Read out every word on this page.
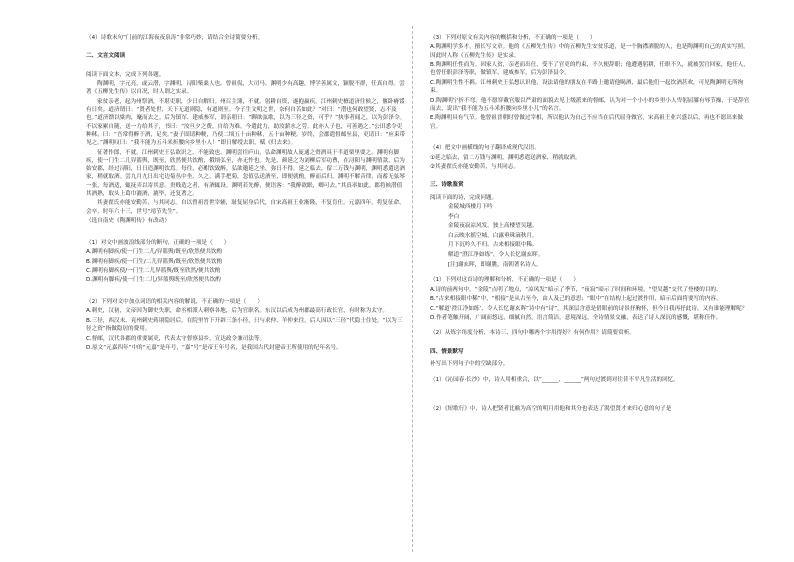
（4）诗歌末句“门前的江海夜夜泉涛”非常巧妙，请结合全诗简要分析。

二、文言文阅读

阅读下面文本，完成下列各题。

陶渊明，字元亮，或云潜，字渊明，浔阳柴桑人也。曾祖侃，大司马。渊明少有高趣，博学善属文，颖脱不群，任真自得。尝著《五柳先生传》以自况，时人谓之实录。

家贫亲老，起为州祭酒，不堪吏职，少日自解归。州召主簿，不就。躬耕自资，遂抱羸疾。江州刺史檀道济往候之，偃卧瘠馁有日矣。道济谓曰：“贤者处世，天下无道则隐，有道则至。今子生文明之世，奈何自苦如此？”对曰：“潜也何敢望贤，志不及也。”道济馈以粱肉，麾而去之。后为镇军、建威参军，谓亲朋曰：“聊欲弦歌，以为三径之资，可乎？”执事者闻之，以为彭泽令。不以家累自随，送一力给其子，书曰：“汝旦夕之费，自给为难。今遣此力，助汝薪水之劳。此亦人子也，可善遇之。”公田悉令吏种秫，曰：“吾常得醉于酒，足矣。”妻子固请种粳，乃使二顷五十亩种秫，五十亩种粳。岁终，会郡遣督邮至县，吏请曰：“应束带见之。”渊明叹曰：“我不能为五斗米折腰向乡里小人！”即日解绶去职，赋《归去来》。

征著作郎，不就。江州刺史王弘欲识之，不能致也。渊明尝往庐山，弘命渊明故人庞通之赍酒具于半道栗里要之。渊明有脚疾，使一门生二儿舁篮舆，既至，欣然便共饮酌，俄顷弘至，亦无忤也。先是，颜延之为刘柳后军功曹，在浔阳与渊明情款，后为始安郡，经过浔阳，日日造渊明饮焉。每往，必酣饮致醉。弘欲邀延之坐，弥日不得。延之临去，留二万钱与渊明，渊明悉遣送酒家，稍就取酒。尝九月九日出宅边菊丛中坐，久之，满手把菊，忽值弘送酒至，即便就酌，醉而后归。渊明不解音律，而蓄无弦琴一张，每酒适，辄抚弄以寄其意。贵贱造之者，有酒辄设。渊明若先醉，便语客：“我醉欲眠，卿可去。”其真率如此。郡将候潜值其酒熟，取头上葛巾漉酒，漉毕，还复著之。

其妻翟氏亦能安勤苦，与其同志。自以曾祖晋世宰辅，耻复屈身后代，自宋高祖王业渐隆，不复肯仕。元嘉四年，将复征命，会卒，时年六十三，世号“靖节先生”。

（选自南史《陶渊明传》有改动）

（1）对文中画波浪线部分的断句，正确的一项是（　　）

A.渊明有脚疾/使一门生二儿/舁篮舆/既至/欣然便共饮酌

B.渊明有脚疾/使一门生/二儿舁篮舆/既至/欣然便共饮酌

C.渊明有脚疾使/一门生二儿舁篮舆/既至欣然/便共饮酌

D.渊明有脚疾/使一门生二儿/舁篮舆既至/欣然便共饮酌

（2）下列对文中加点词语的相关内容的解说，不正确的一项是（　　）

A.刺史，汉初，文帝因为御史失职，命丞相派人刺察各地，后为官职名。东汉以后成为州郡最高行政长官，有时称为太守。

B.三径，西汉末，兖州刺史蒋诩隐居后，在院里竹下开辟三条小径，只与求仲、羊仲来往，后人因以“三径”代隐士住处。“以为三径之资”指做隐居的费用。

C.督邮，汉代各郡的重要属吏，代表太守督察县乡，宣达政令兼司法等。

D.原文“元嘉四年”中的“元嘉”是年号，“嘉”号“是帝王年号名，是我国古代封建帝王所使用的纪年名号。

（3）下列对原文有关内容的概括和分析，不正确的一项是（　　）

A.陶渊明学多才，擅长写文章。他的《五柳先生传》中的五柳先生安贫乐道，是一个胸襟洒脱的人，也是陶渊明自己的真实写照，因此时人称《五柳先生传》是实录。

B.陶渊明任性而为。因家人贫，亲老而出仕，受不了官吏的约束，不久便辞职；他遭遇躬耕，任职不久，就被罢官回家，他任人，也曾任职彭泽等职，做镇军、建威参军，后为彭泽县令。

C.陶渊明生性不羁。江州刺史王弘想认识他，设法请他的朋友在半路上邀请他喝酒，最后他们一起饮酒甚欢，可见陶渊明无所拘束。

D.陶渊明宁折不弯。他不愿穿戴官服以严肃的面貌去见上级派来的督邮，认为对一个小小的乡里小人卑躬屈膝有辱节操，于是辞官而去，说出“我不能为五斗米折腰向乡里小儿”的名言。

E.陶渊明具有气节。他曾祖晋朝时曾做过宰相，所以他认为自己不应当在后代屈身做官，宋高祖王业兴盛以后，再也不愿出来做官。

（4）把文中画横线的句子翻译成现代汉语。

①延之临去，留二万钱与渊明，渊明悉遣送酒家，稍就取酒。

②其妻翟氏亦能安勤苦，与其同志。

三、诗歌鉴赏

阅读下面的诗，完成问题。

金陵城西楼月下吟

李白

金陵夜寂凉风发，独上高楼望吴越。

白云映水摇空城，白露垂珠滴秋月。

月下沉吟久不归，古来相接眼中稀。

解道“澄江净如练”，令人长忆谢玄晖。

[注]谢玄晖，即谢朓，南朝著名诗人。

（1）下列对这首诗的理解和分析，不正确的一项是（　　）

A.诗的前两句中，“金陵”点明了地点，“凉风发”暗示了季节，“夜寂”暗示了时间和环境，“望吴越”交代了登楼的目的。

B.“古来相接眼中稀”中，“相接”是从古至今，由人及己的意思；“眼中”在结构上起过渡作用，暗示后面将要写的内容。

C.“解道‘澄江净如练’，令人长忆谢玄晖”诗中有“诗”，其深层含意是借眼前的诗景抒胸怀，但今日我再抒此诗，又有谁能理解呢？

D.作者笔触开阔，广阔而悠远，细腻自然，语言简洁，意境深远，全诗情景交融，表达了诗人深沉的感慨，堪称佳作。

（2）从炼字角度分析，本诗三、四句中哪两个字用得好？有何作用？请简要赏析。

四、情景默写

补写出下列句子中的空缺部分。

（1）《沁园春·长沙》中，诗人用相重合，以“______，______”两句过渡到对往昔不平凡生活的回忆。

（2）《短歌行》中，诗人把贤者比喻为高空的明月用他和其分也表达了渴望贤才来归心意的句子是
